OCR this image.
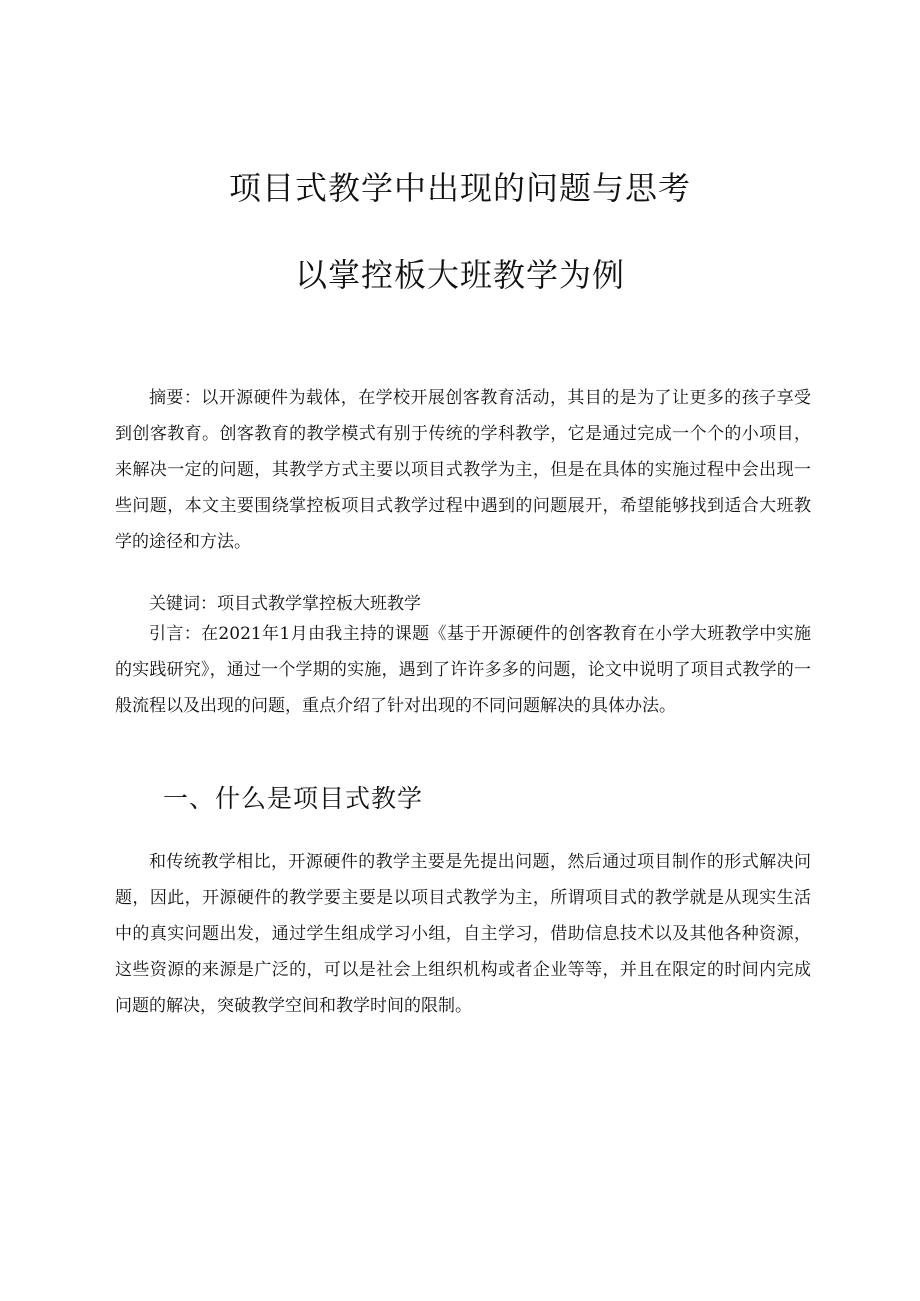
项目式教学中出现的问题与思考
以掌控板大班教学为例

摘要：以开源硬件为载体，在学校开展创客教育活动，其目的是为了让更多的孩子享受到创客教育。创客教育的教学模式有别于传统的学科教学，它是通过完成一个个的小项目，来解决一定的问题，其教学方式主要以项目式教学为主，但是在具体的实施过程中会出现一些问题，本文主要围绕掌控板项目式教学过程中遇到的问题展开，希望能够找到适合大班教学的途径和方法。

关键词：项目式教学掌控板大班教学

引言：在2021年1月由我主持的课题《基于开源硬件的创客教育在小学大班教学中实施的实践研究》，通过一个学期的实施，遇到了许许多多的问题，论文中说明了项目式教学的一般流程以及出现的问题，重点介绍了针对出现的不同问题解决的具体办法。

一、什么是项目式教学

和传统教学相比，开源硬件的教学主要是先提出问题，然后通过项目制作的形式解决问题，因此，开源硬件的教学要主要是以项目式教学为主，所谓项目式的教学就是从现实生活中的真实问题出发，通过学生组成学习小组，自主学习，借助信息技术以及其他各种资源，这些资源的来源是广泛的，可以是社会上组织机构或者企业等等，并且在限定的时间内完成问题的解决，突破教学空间和教学时间的限制。
